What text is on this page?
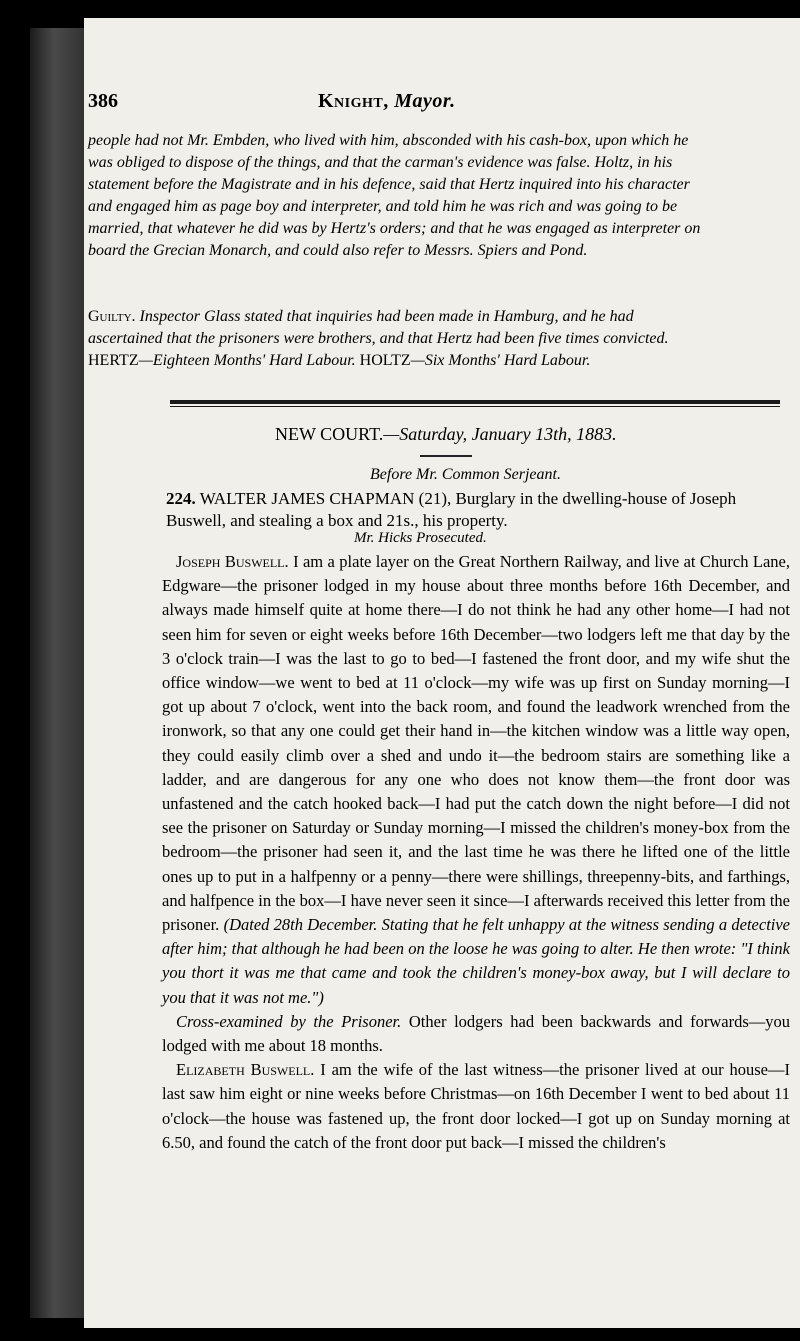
386	Knight, Mayor.
people had not Mr. Embden, who lived with him, absconded with his cash-box, upon which he was obliged to dispose of the things, and that the carman's evidence was false. Holtz, in his statement before the Magistrate and in his defence, said that Hertz inquired into his character and engaged him as page boy and interpreter, and told him he was rich and was going to be married, that whatever he did was by Hertz's orders; and that he was engaged as interpreter on board the Grecian Monarch, and could also refer to Messrs. Spiers and Pond.
Guilty. Inspector Glass stated that inquiries had been made in Hamburg, and he had ascertained that the prisoners were brothers, and that Hertz had been five times convicted. HERTZ—Eighteen Months' Hard Labour. HOLTZ—Six Months' Hard Labour.
NEW COURT.—Saturday, January 13th, 1883.
Before Mr. Common Serjeant.
224. WALTER JAMES CHAPMAN (21), Burglary in the dwelling-house of Joseph Buswell, and stealing a box and 21s., his property.
Mr. Hicks Prosecuted.

Joseph Buswell. I am a plate layer on the Great Northern Railway, and live at Church Lane, Edgware—the prisoner lodged in my house about three months before 16th December, and always made himself quite at home there—I do not think he had any other home—I had not seen him for seven or eight weeks before 16th December—two lodgers left me that day by the 3 o'clock train—I was the last to go to bed—I fastened the front door, and my wife shut the office window—we went to bed at 11 o'clock—my wife was up first on Sunday morning—I got up about 7 o'clock, went into the back room, and found the leadwork wrenched from the ironwork, so that any one could get their hand in—the kitchen window was a little way open, they could easily climb over a shed and undo it—the bedroom stairs are something like a ladder, and are dangerous for any one who does not know them—the front door was unfastened and the catch hooked back—I had put the catch down the night before—I did not see the prisoner on Saturday or Sunday morning—I missed the children's money-box from the bedroom—the prisoner had seen it, and the last time he was there he lifted one of the little ones up to put in a halfpenny or a penny—there were shillings, threepenny-bits, and farthings, and halfpence in the box—I have never seen it since—I afterwards received this letter from the prisoner. (Dated 28th December. Stating that he felt unhappy at the witness sending a detective after him; that although he had been on the loose he was going to alter. He then wrote: "I think you thort it was me that came and took the children's money-box away, but I will declare to you that it was not me.")

Cross-examined by the Prisoner. Other lodgers had been backwards and forwards—you lodged with me about 18 months.

Elizabeth Buswell. I am the wife of the last witness—the prisoner lived at our house—I last saw him eight or nine weeks before Christmas—on 16th December I went to bed about 11 o'clock—the house was fastened up, the front door locked—I got up on Sunday morning at 6.50, and found the catch of the front door put back—I missed the children's
